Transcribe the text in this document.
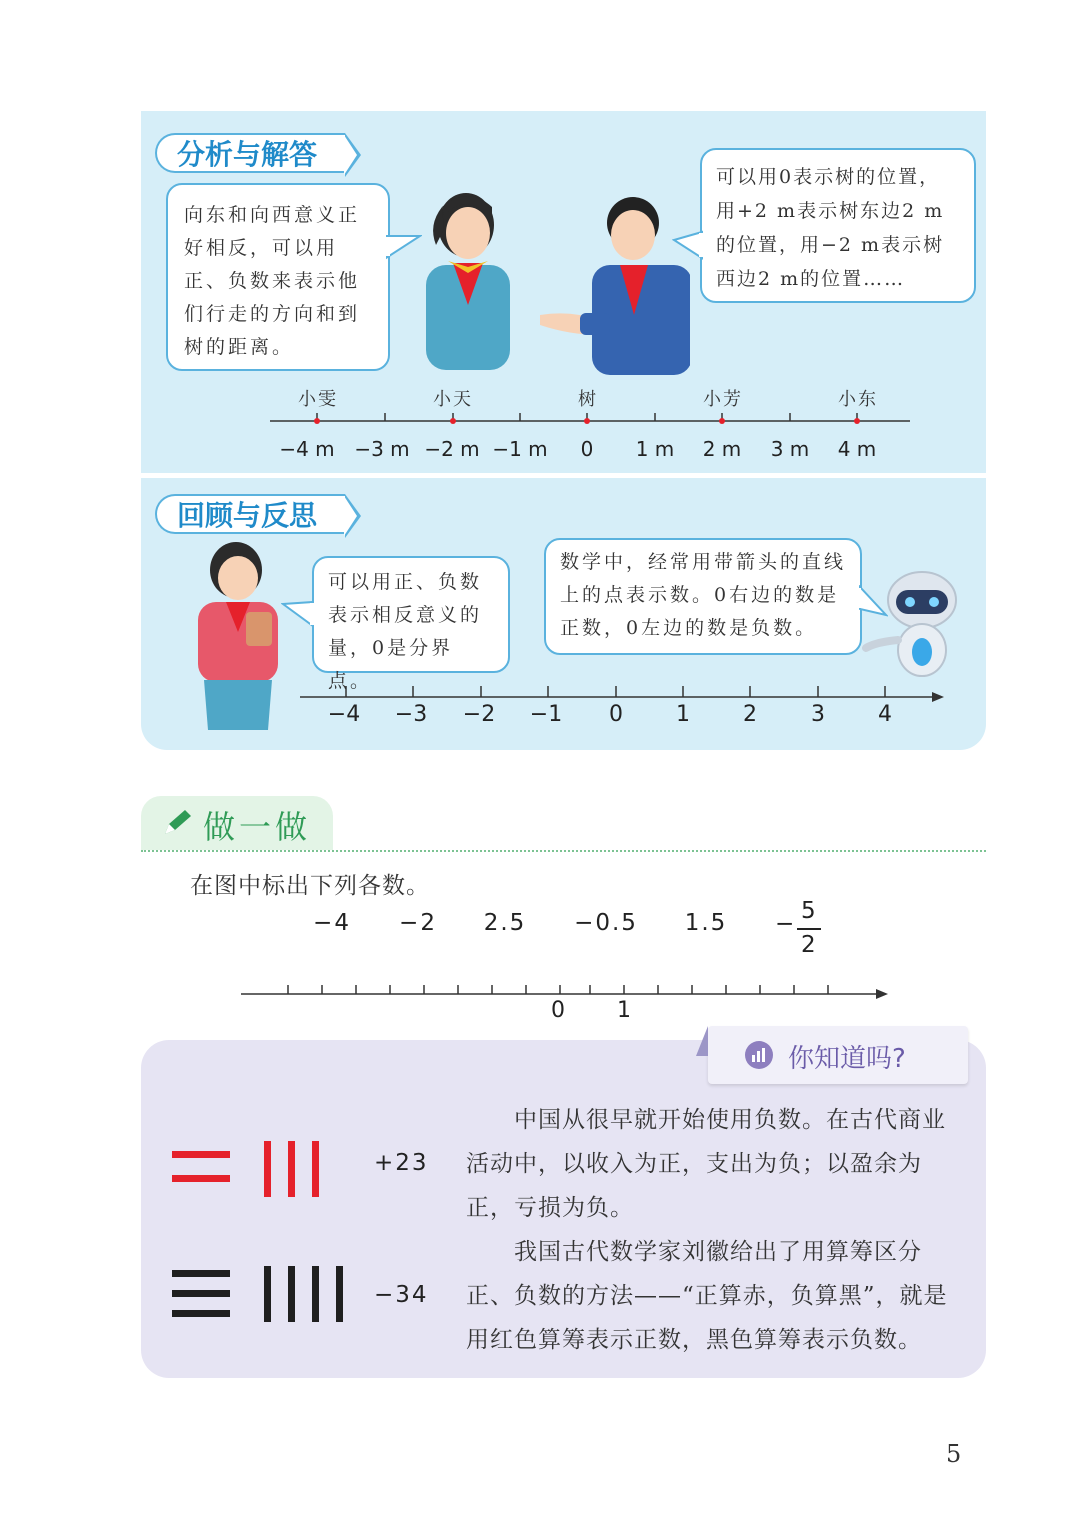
分析与解答
向东和向西意义正好相反，可以用正、负数来表示他们行走的方向和到树的距离。
可以用0表示树的位置，用+2 m表示树东边2 m的位置，用−2 m表示树西边2 m的位置……
小雯	小天	树	小芳	小东
−4 m −3 m −2 m −1 m	0	1 m	2 m	3 m	4 m
回顾与反思
可以用正、负数表示相反意义的量，0是分界点。
数学中，经常用带箭头的直线上的点表示数。0右边的数是正数，0左边的数是负数。
−4	−3	−2	−1	0	1	2	3	4
做一做
在图中标出下列各数。
−4	−2	2.5	−0.5	1.5	− 5
2
0	1
你知道吗?
+23
−34
中国从很早就开始使用负数。在古代商业活动中，以收入为正，支出为负；以盈余为正，亏损为负。
我国古代数学家刘徽给出了用算筹区分正、负数的方法——“正算赤，负算黑”，就是用红色算筹表示正数，黑色算筹表示负数。
5
